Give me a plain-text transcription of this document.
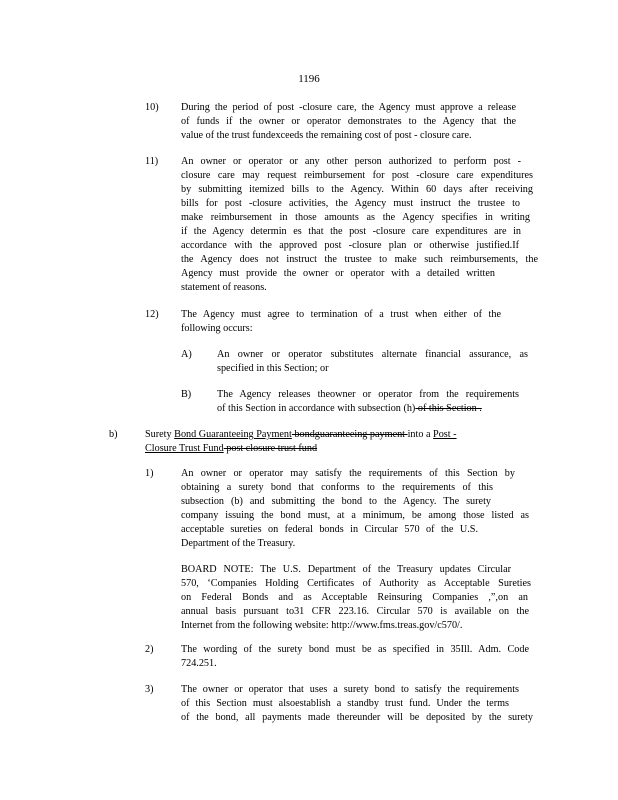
1196
10) During the period of post -closure care, the Agency must approve a release
of funds if the owner or operator demonstrates to the Agency that the
value of the trust fundexceeds the remaining cost of post - closure care.
11) An owner or operator or any other person authorized to perform post -
closure care may request reimbursement for post -closure care expenditures
by submitting itemized bills to the Agency. Within 60 days after receiving
bills for post -closure activities, the Agency must instruct the trustee to
make reimbursement in those amounts as the Agency specifies in writing
if the Agency determin es that the post -closure care expenditures are in
accordance with the approved post -closure plan or otherwise justified.If
the Agency does not instruct the trustee to make such reimbursements, the
Agency must provide the owner or operator with a detailed written
statement of reasons.
12) The Agency must agree to termination of a trust when either of the
following occurs:
A) An owner or operator substitutes alternate financial assurance, as
specified in this Section; or
B)	The Agency releases theowner or operator from the requirements
of this Section in accordance with subsection (h) of this Section .
b)	Surety Bond Guaranteeing Payment bondguaranteeing payment into a Post -
Closure Trust Fund post closure trust fund
1)	An owner or operator may satisfy the requirements of this Section by
obtaining a surety bond that conforms to the requirements of this
subsection (b) and submitting the bond to the Agency. The surety
company issuing the bond must, at a minimum, be among those listed as
acceptable sureties on federal bonds in Circular 570 of the U.S.
Department of the Treasury.
BOARD NOTE: The U.S. Department of the Treasury updates Circular
570, ‘Companies Holding Certificates of Authority as Acceptable Sureties
on Federal Bonds and as Acceptable Reinsuring Companies ,”,on an
annual basis pursuant to31 CFR 223.16. Circular 570 is available on the
Internet from the following website: http://www.fms.treas.gov/c570/.
2)	The wording of the surety bond must be as specified in 35Ill. Adm. Code
724.251.
3)	The owner or operator that uses a surety bond to satisfy the requirements
of this Section must alsoestablish a standby trust fund. Under the terms
of the bond, all payments made thereunder will be deposited by the surety
